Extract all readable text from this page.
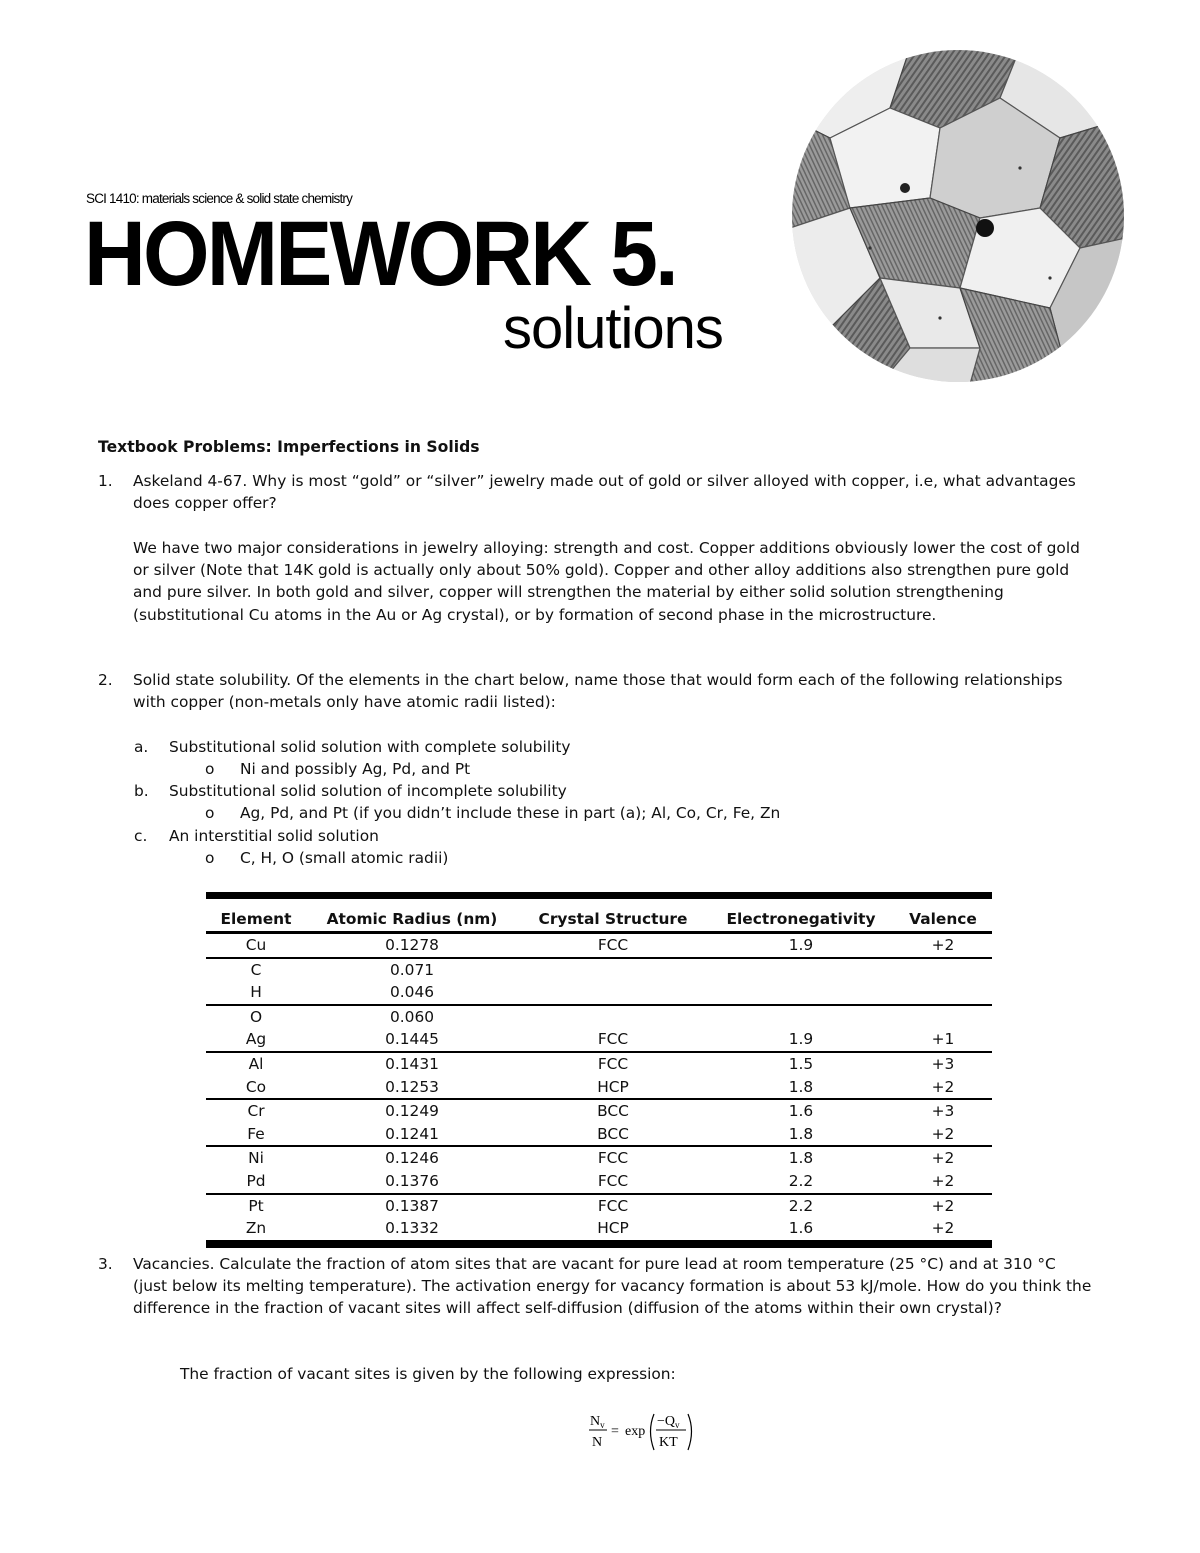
SCI 1410: materials science & solid state chemistry
HOMEWORK 5.
solutions
Textbook Problems: Imperfections in Solids
1.	Askeland 4-67. Why is most “gold” or “silver” jewelry made out of gold or silver alloyed with copper, i.e, what advantages does copper offer?
We have two major considerations in jewelry alloying: strength and cost. Copper additions obviously lower the cost of gold or silver (Note that 14K gold is actually only about 50% gold). Copper and other alloy additions also strengthen pure gold and pure silver. In both gold and silver, copper will strengthen the material by either solid solution strengthening (substitutional Cu atoms in the Au or Ag crystal), or by formation of second phase in the microstructure.
2.	Solid state solubility. Of the elements in the chart below, name those that would form each of the following relationships with copper (non-metals only have atomic radii listed):
a. Substitutional solid solution with complete solubility
o Ni and possibly Ag, Pd, and Pt
b. Substitutional solid solution of incomplete solubility
o Ag, Pd, and Pt (if you didn’t include these in part (a); Al, Co, Cr, Fe, Zn
c. An interstitial solid solution
o C, H, O (small atomic radii)
Element	Atomic Radius (nm)	Crystal Structure	Electronegativity	Valence
Cu	0.1278	FCC	1.9	+2
C	0.071			
H	0.046			
O	0.060			
Ag	0.1445	FCC	1.9	+1
Al	0.1431	FCC	1.5	+3
Co	0.1253	HCP	1.8	+2
Cr	0.1249	BCC	1.6	+3
Fe	0.1241	BCC	1.8	+2
Ni	0.1246	FCC	1.8	+2
Pd	0.1376	FCC	2.2	+2
Pt	0.1387	FCC	2.2	+2
Zn	0.1332	HCP	1.6	+2
3.	Vacancies. Calculate the fraction of atom sites that are vacant for pure lead at room temperature (25 °C) and at 310 °C (just below its melting temperature). The activation energy for vacancy formation is about 53 kJ/mole. How do you think the difference in the fraction of vacant sites will affect self-diffusion (diffusion of the atoms within their own crystal)?
The fraction of vacant sites is given by the following expression:
$N_v$
N
= exp
$-Q_v$
KT
